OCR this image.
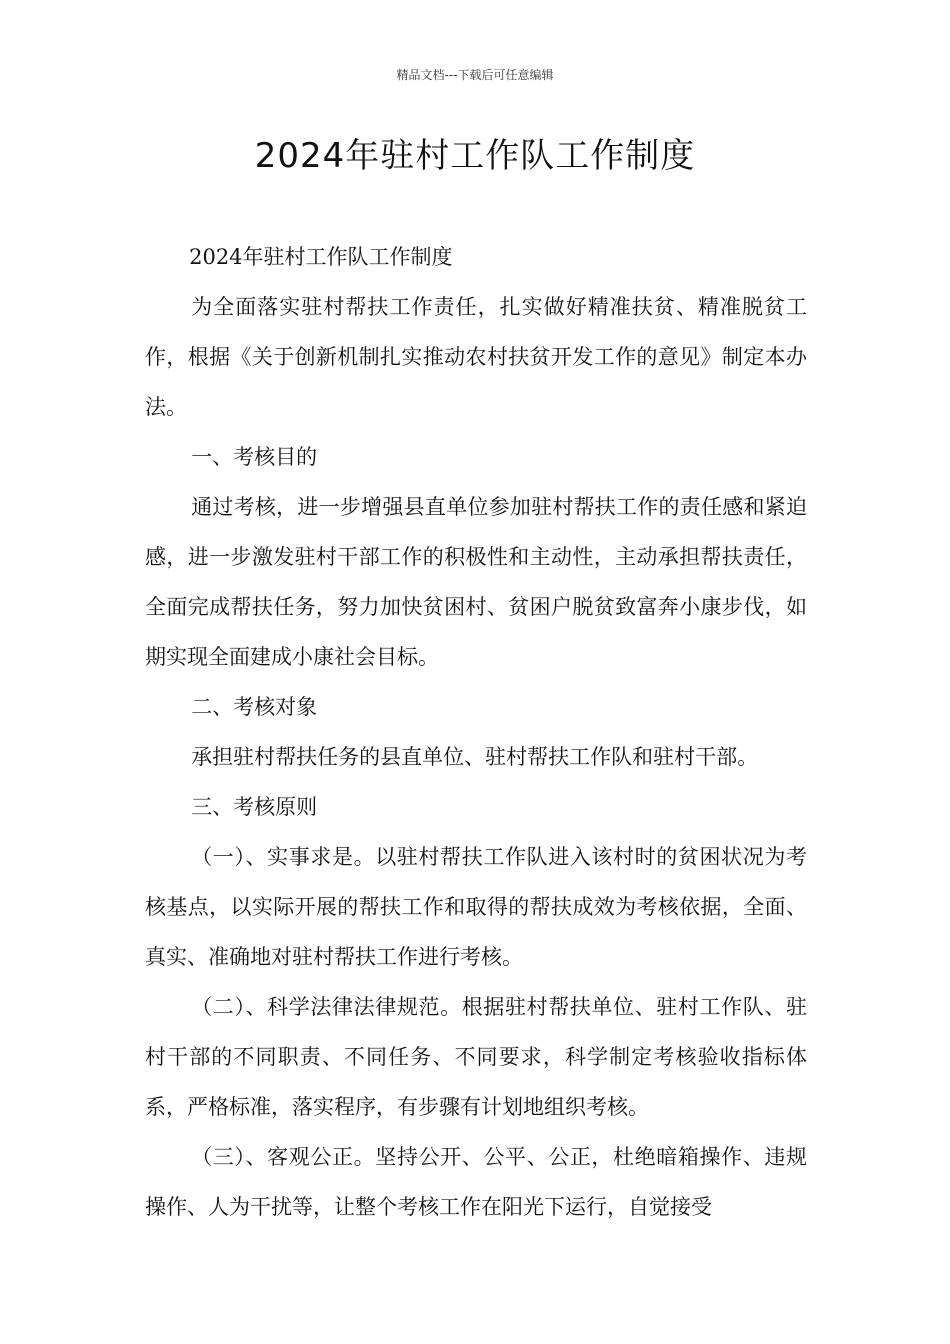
精品文档---下载后可任意编辑
2024年驻村工作队工作制度

2024年驻村工作队工作制度

为全面落实驻村帮扶工作责任，扎实做好精准扶贫、精准脱贫工作，根据《关于创新机制扎实推动农村扶贫开发工作的意见》制定本办法。

一、考核目的

通过考核，进一步增强县直单位参加驻村帮扶工作的责任感和紧迫感，进一步激发驻村干部工作的积极性和主动性，主动承担帮扶责任，全面完成帮扶任务，努力加快贫困村、贫困户脱贫致富奔小康步伐，如期实现全面建成小康社会目标。

二、考核对象

承担驻村帮扶任务的县直单位、驻村帮扶工作队和驻村干部。

三、考核原则

（一）、实事求是。以驻村帮扶工作队进入该村时的贫困状况为考核基点，以实际开展的帮扶工作和取得的帮扶成效为考核依据，全面、真实、准确地对驻村帮扶工作进行考核。

（二）、科学法律法律规范。根据驻村帮扶单位、驻村工作队、驻村干部的不同职责、不同任务、不同要求，科学制定考核验收指标体系，严格标准，落实程序，有步骤有计划地组织考核。

（三）、客观公正。坚持公开、公平、公正，杜绝暗箱操作、违规操作、人为干扰等，让整个考核工作在阳光下运行，自觉接受
